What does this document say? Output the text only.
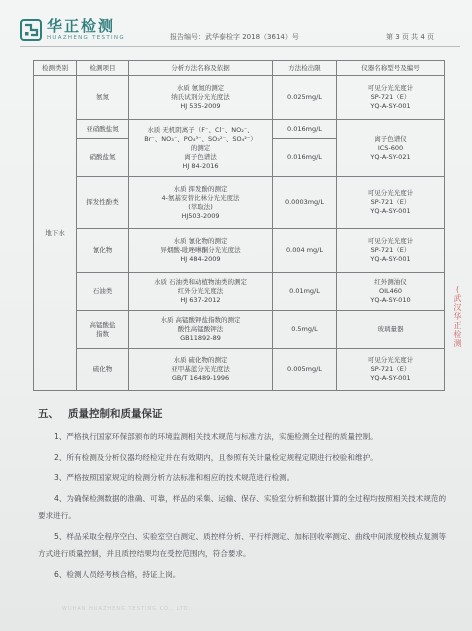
华正检测
HUAZHENG TESTING	报告编号：武华泰检字 2018（3614）号	第 3 页 共 4 页
检测类别	检测项目	分析方法名称及依据	方法检出限	仪器名称型号及编号
地下水	氨氮	水质 氨氮的测定
纳氏试剂分光光度法
HJ 535-2009	0.025mg/L	可见分光光度计
SP-721（E）
YQ-A-SY-001

	亚硝酸盐氮	水质 无机阴离子（F⁻、Cl⁻、NO₂⁻、
Br⁻、NO₃⁻、PO₄³⁻、SO₃²⁻、SO₄²⁻）
的测定
离子色谱法
HJ 84-2016	0.016mg/L	离子色谱仪
ICS-600
YQ-A-SY-021

	硝酸盐氮		0.016mg/L	
	挥发性酚类	水质 挥发酚的测定
4-氨基安替比林分光光度法
(萃取法)
HJ503-2009	0.0003mg/L	可见分光光度计
SP-721（E）
YQ-A-SY-001

	氰化物	水质 氰化物的测定
异烟酸-吡唑啉酮分光光度法
HJ 484-2009	0.004 mg/L	可见分光光度计
SP-721（E）
YQ-A-SY-001

	石油类	水质 石油类和动植物油类的测定
红外分光光度法
HJ 637-2012	0.01mg/L	红外测油仪
OIL460
YQ-A-SY-010

	高锰酸盐
指数	水质 高锰酸钾盐指数的测定
酸性高锰酸钾法
GB11892-89	0.5mg/L	玻璃量器
	硫化物	水质 硫化物的测定
亚甲基蓝分光光度法
GB/T 16489-1996	0.005mg/L	可见分光光度计
SP-721（E）
YQ-A-SY-001
(
武
汉
华
正
检
测
五、 质量控制和质量保证

1、严格执行国家环保部颁布的环境监测相关技术规范与标准方法，实施检测全过程的质量控制。

2、所有检测及分析仪器均经检定并在有效期内，且参照有关计量检定规程定期进行校验和维护。

3、严格按照国家规定的检测分析方法标准和相应的技术规范进行检测。

4、为确保检测数据的准确、可靠，样品的采集、运输、保存、实验室分析和数据计算的全过程均按照相关技术规范的要求进行。

5、样品采取全程序空白、实验室空白测定、质控样分析、平行样测定、加标回收率测定、曲线中间浓度校核点复测等方式进行质量控制，并且质控结果均在受控范围内，符合要求。

6、检测人员经考核合格，持证上岗。

WUHAN HUAZHENG TESTING CO., LTD.
